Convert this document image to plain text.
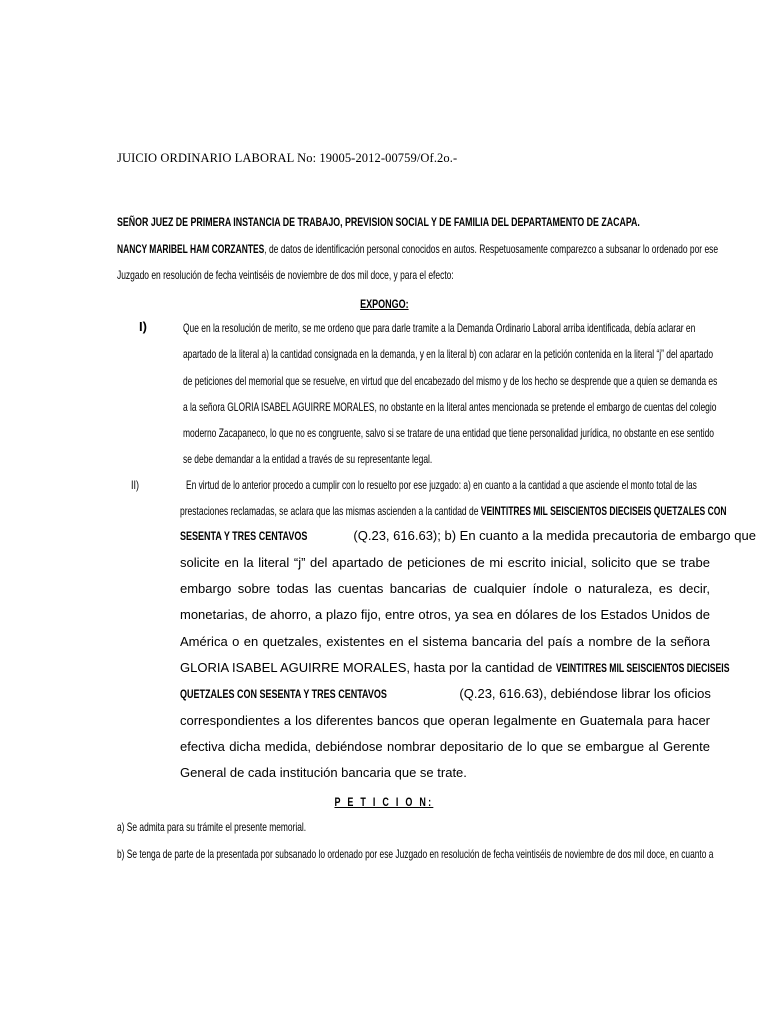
JUICIO ORDINARIO LABORAL No: 19005-2012-00759/Of.2o.-
SEÑOR JUEZ DE PRIMERA INSTANCIA DE TRABAJO, PREVISION SOCIAL Y DE FAMILIA DEL DEPARTAMENTO DE ZACAPA.
NANCY MARIBEL HAM CORZANTES, de datos de identificación personal conocidos en autos. Respetuosamente comparezco a subsanar lo ordenado por ese
Juzgado en resolución de fecha veintiséis de noviembre de dos mil doce, y para el efecto:
EXPONGO:
I)	Que en la resolución de merito, se me ordeno que para darle tramite a la Demanda Ordinario Laboral arriba identificada, debía aclarar en
apartado de la literal a) la cantidad consignada en la demanda, y en la literal b) con aclarar en la petición contenida en la literal “j” del apartado
de peticiones del memorial que se resuelve, en virtud que del encabezado del mismo y de los hecho se desprende que a quien se demanda es
a la señora GLORIA ISABEL AGUIRRE MORALES, no obstante en la literal antes mencionada se pretende el embargo de cuentas del colegio
moderno Zacapaneco, lo que no es congruente, salvo si se tratare de una entidad que tiene personalidad jurídica, no obstante en ese sentido
se debe demandar a la entidad a través de su representante legal.
II)	En virtud de lo anterior procedo a cumplir con lo resuelto por ese juzgado: a) en cuanto a la cantidad a que asciende el monto total de las
prestaciones reclamadas, se aclara que las mismas ascienden a la cantidad de VEINTITRES MIL SEISCIENTOS DIECISEIS QUETZALES CON
SESENTA Y TRES CENTAVOS	(Q.23, 616.63); b) En cuanto a la medida precautoria de embargo que
solicite en la literal “j” del apartado de peticiones de mi escrito inicial, solicito que se trabe
embargo sobre todas las cuentas bancarias de cualquier índole o naturaleza, es decir,
monetarias, de ahorro, a plazo fijo, entre otros, ya sea en dólares de los Estados Unidos de
América o en quetzales, existentes en el sistema bancaria del país a nombre de la señora
GLORIA ISABEL AGUIRRE MORALES, hasta por la cantidad de VEINTITRES MIL SEISCIENTOS DIECISEIS
QUETZALES CON SESENTA Y TRES CENTAVOS	(Q.23, 616.63), debiéndose librar los oficios
correspondientes a los diferentes bancos que operan legalmente en Guatemala para hacer
efectiva dicha medida, debiéndose nombrar depositario de lo que se embargue al Gerente
General de cada institución bancaria que se trate.
P E T I C I O N:
a) Se admita para su trámite el presente memorial.
b) Se tenga de parte de la presentada por subsanado lo ordenado por ese Juzgado en resolución de fecha veintiséis de noviembre de dos mil doce, en cuanto a
